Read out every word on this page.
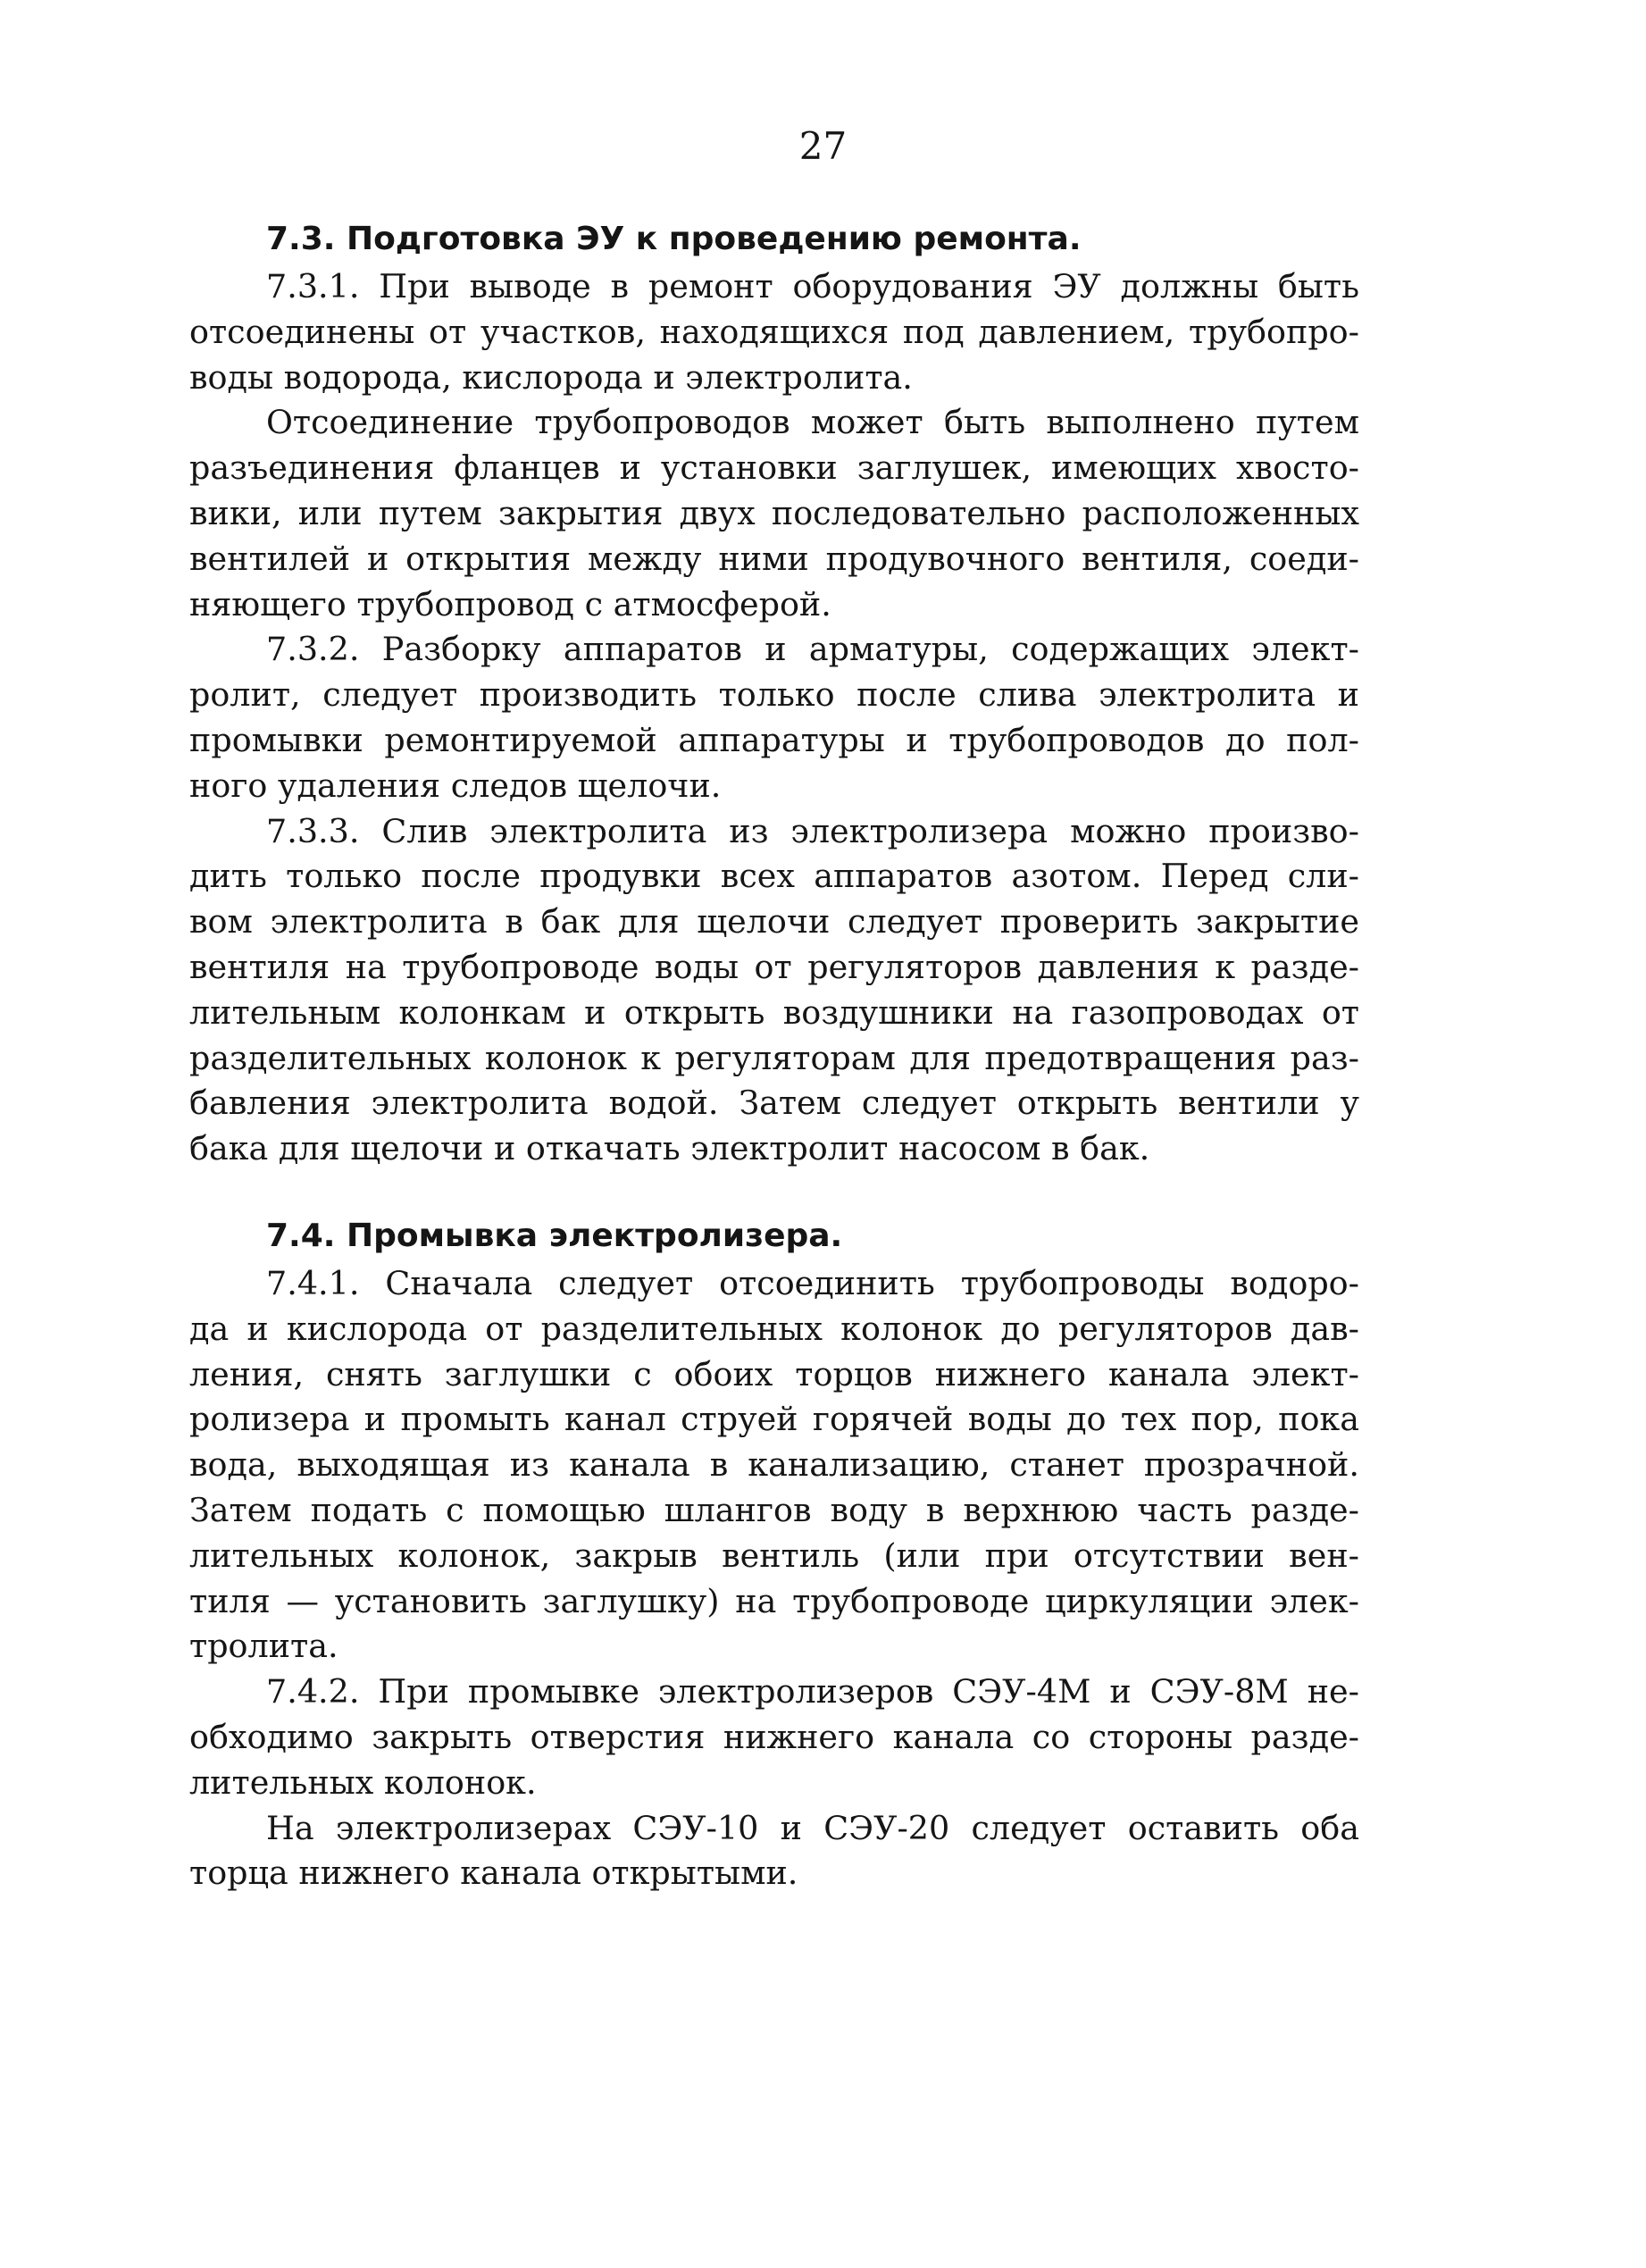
27
7.3. Подготовка ЭУ к проведению ремонта.

7.3.1. При выводе в ремонт оборудования ЭУ должны быть

отсоединены от участков, находящихся под давлением, трубопро-

воды водорода, кислорода и электролита.

Отсоединение трубопроводов может быть выполнено путем

разъединения фланцев и установки заглушек, имеющих хвосто-

вики, или путем закрытия двух последовательно расположенных

вентилей и открытия между ними продувочного вентиля, соеди-

няющего трубопровод с атмосферой.

7.3.2. Разборку аппаратов и арматуры, содержащих элект-

ролит, следует производить только после слива электролита и

промывки ремонтируемой аппаратуры и трубопроводов до пол-

ного удаления следов щелочи.

7.3.3. Слив электролита из электролизера можно произво-

дить только после продувки всех аппаратов азотом. Перед сли-

вом электролита в бак для щелочи следует проверить закрытие

вентиля на трубопроводе воды от регуляторов давления к разде-

лительным колонкам и открыть воздушники на газопроводах от

разделительных колонок к регуляторам для предотвращения раз-

бавления электролита водой. Затем следует открыть вентили у

бака для щелочи и откачать электролит насосом в бак.

7.4. Промывка электролизера.

7.4.1. Сначала следует отсоединить трубопроводы водоро-

да и кислорода от разделительных колонок до регуляторов дав-

ления, снять заглушки с обоих торцов нижнего канала элект-

ролизера и промыть канал струей горячей воды до тех пор, пока

вода, выходящая из канала в канализацию, станет прозрачной.

Затем подать с помощью шлангов воду в верхнюю часть разде-

лительных колонок, закрыв вентиль (или при отсутствии вен-

тиля — установить заглушку) на трубопроводе циркуляции элек-

тролита.

7.4.2. При промывке электролизеров СЭУ-4М и СЭУ-8М не-

обходимо закрыть отверстия нижнего канала со стороны разде-

лительных колонок.

На электролизерах СЭУ-10 и СЭУ-20 следует оставить оба

торца нижнего канала открытыми.
